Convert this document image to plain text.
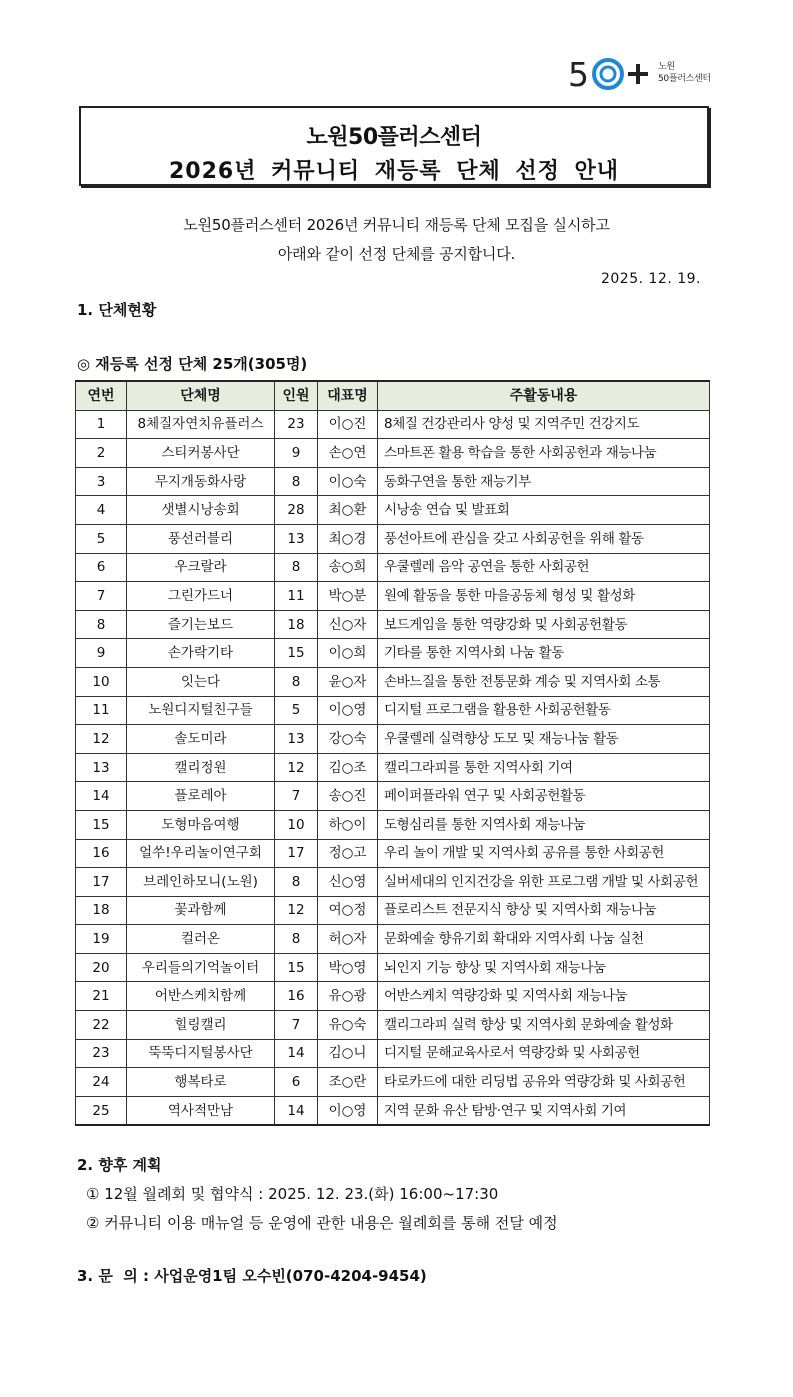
5	노원
50플러스센터
노원50플러스센터
2026년 커뮤니티 재등록 단체 선정 안내
노원50플러스센터 2026년 커뮤니티 재등록 단체 모집을 실시하고
아래와 같이 선정 단체를 공지합니다.
2025. 12. 19.
1. 단체현황
◎ 재등록 선정 단체 25개(305명)
연번	단체명	인원	대표명	주활동내용
1	8체질자연치유플러스	23	이○진	8체질 건강관리사 양성 및 지역주민 건강지도
2	스티커봉사단	9	손○연	스마트폰 활용 학습을 통한 사회공헌과 재능나눔
3	무지개동화사랑	8	이○숙	동화구연을 통한 재능기부
4	샛별시낭송회	28	최○환	시낭송 연습 및 발표회
5	풍선러블리	13	최○경	풍선아트에 관심을 갖고 사회공헌을 위해 활동
6	우크랄라	8	송○희	우쿨렐레 음악 공연을 통한 사회공헌
7	그린가드너	11	박○분	원예 활동을 통한 마을공동체 형성 및 활성화
8	즐기는보드	18	신○자	보드게임을 통한 역량강화 및 사회공헌활동
9	손가락기타	15	이○희	기타를 통한 지역사회 나눔 활동
10	잇는다	8	윤○자	손바느질을 통한 전통문화 계승 및 지역사회 소통
11	노원디지털친구들	5	이○영	디지털 프로그램을 활용한 사회공헌활동
12	솔도미라	13	강○숙	우쿨렐레 실력향상 도모 및 재능나눔 활동
13	캘리정원	12	김○조	캘리그라피를 통한 지역사회 기여
14	플로레아	7	송○진	페이퍼플라워 연구 및 사회공헌활동
15	도형마음여행	10	하○이	도형심리를 통한 지역사회 재능나눔
16	얼쑤!우리놀이연구회	17	정○고	우리 놀이 개발 및 지역사회 공유를 통한 사회공헌
17	브레인하모니(노원)	8	신○영	실버세대의 인지건강을 위한 프로그램 개발 및 사회공헌
18	꽃과함께	12	여○정	플로리스트 전문지식 향상 및 지역사회 재능나눔
19	컬러온	8	허○자	문화예술 향유기회 확대와 지역사회 나눔 실천
20	우리들의기억놀이터	15	박○영	뇌인지 기능 향상 및 지역사회 재능나눔
21	어반스케치함께	16	유○광	어반스케치 역량강화 및 지역사회 재능나눔
22	힐링캘리	7	유○숙	캘리그라피 실력 향상 및 지역사회 문화예술 활성화
23	뚝뚝디지털봉사단	14	김○니	디지털 문해교육사로서 역량강화 및 사회공헌
24	행복타로	6	조○란	타로카드에 대한 리딩법 공유와 역량강화 및 사회공헌
25	역사적만남	14	이○영	지역 문화 유산 탐방·연구 및 지역사회 기여
2. 향후 계획
① 12월 월례회 및 협약식 : 2025. 12. 23.(화) 16:00~17:30
② 커뮤니티 이용 매뉴얼 등 운영에 관한 내용은 월례회를 통해 전달 예정
3. 문  의 : 사업운영1팀 오수빈(070-4204-9454)
